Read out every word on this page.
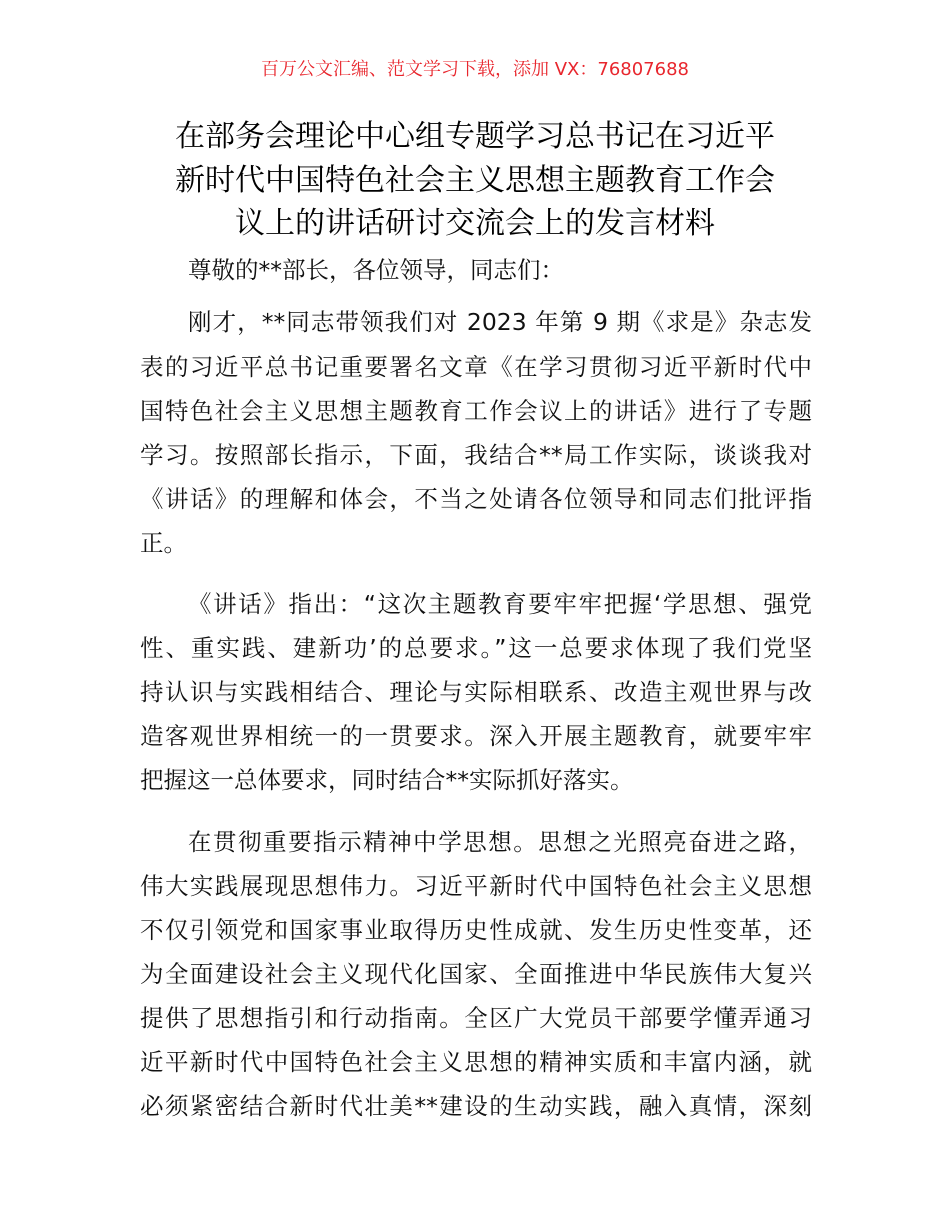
百万公文汇编、范文学习下载，添加 VX：76807688
在部务会理论中心组专题学习总书记在习近平
新时代中国特色社会主义思想主题教育工作会
议上的讲话研讨交流会上的发言材料
尊敬的**部长，各位领导，同志们：
刚才，**同志带领我们对 2023 年第 9 期《求是》杂志发
表的习近平总书记重要署名文章《在学习贯彻习近平新时代中
国特色社会主义思想主题教育工作会议上的讲话》进行了专题
学习。按照部长指示，下面，我结合**局工作实际，谈谈我对
《讲话》的理解和体会，不当之处请各位领导和同志们批评指
正。
《讲话》指出：“这次主题教育要牢牢把握‘学思想、强党
性、重实践、建新功’的总要求。”这一总要求体现了我们党坚
持认识与实践相结合、理论与实际相联系、改造主观世界与改
造客观世界相统一的一贯要求。深入开展主题教育，就要牢牢
把握这一总体要求，同时结合**实际抓好落实。
在贯彻重要指示精神中学思想。思想之光照亮奋进之路，
伟大实践展现思想伟力。习近平新时代中国特色社会主义思想
不仅引领党和国家事业取得历史性成就、发生历史性变革，还
为全面建设社会主义现代化国家、全面推进中华民族伟大复兴
提供了思想指引和行动指南。全区广大党员干部要学懂弄通习
近平新时代中国特色社会主义思想的精神实质和丰富内涵，就
必须紧密结合新时代壮美**建设的生动实践，融入真情，深刻
